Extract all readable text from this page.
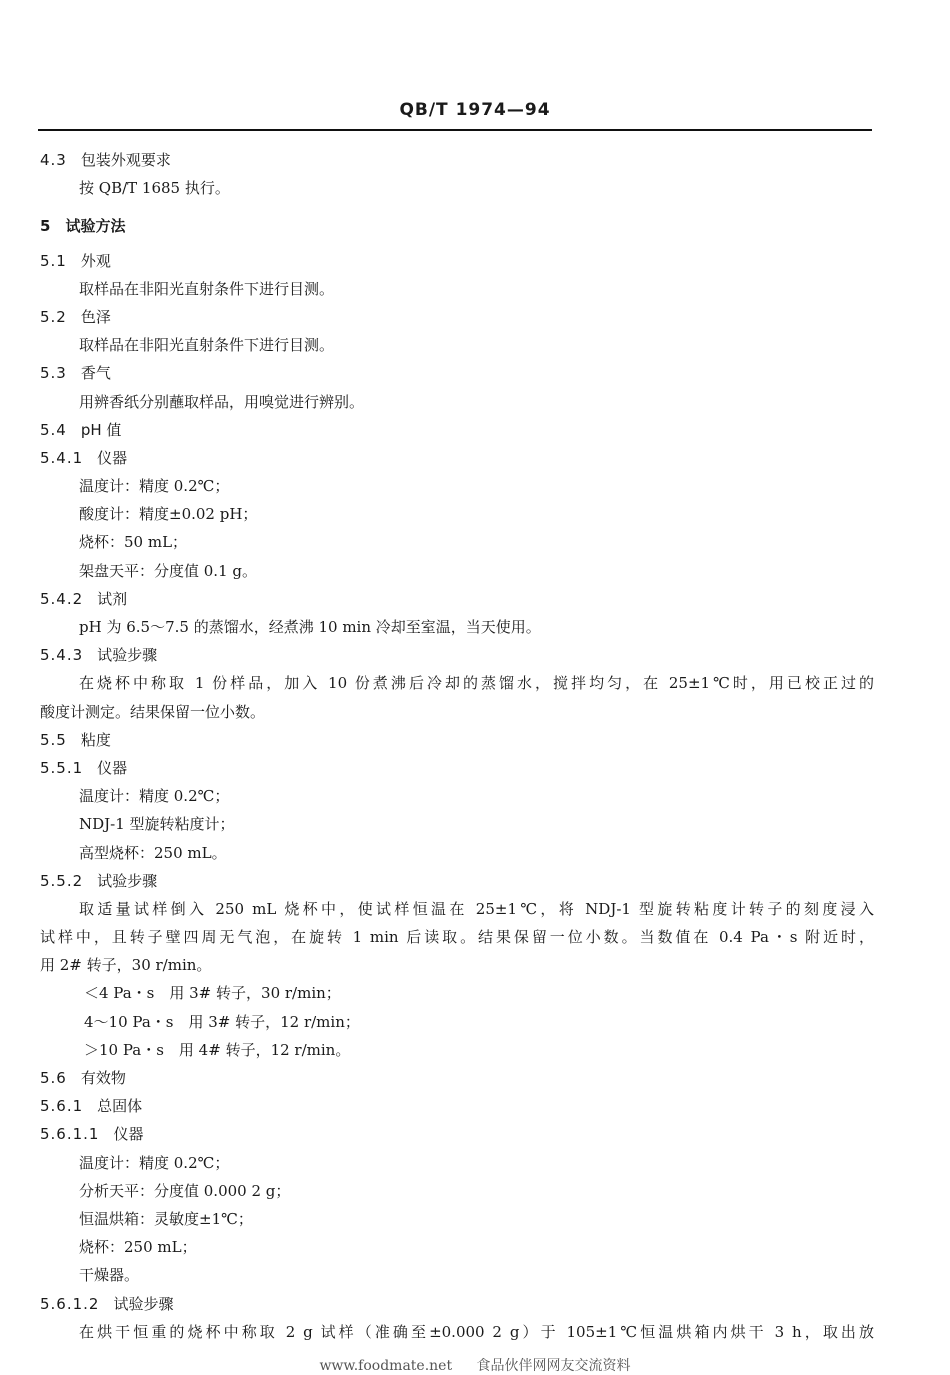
QB/T 1974—94
4.3 包装外观要求
按 QB/T 1685 执行。
5 试验方法
5.1 外观
取样品在非阳光直射条件下进行目测。
5.2 色泽
取样品在非阳光直射条件下进行目测。
5.3 香气
用辨香纸分别蘸取样品，用嗅觉进行辨别。
5.4 pH 值
5.4.1 仪器
温度计：精度 0.2℃；
酸度计：精度±0.02 pH；
烧杯：50 mL；
架盘天平：分度值 0.1 g。
5.4.2 试剂
pH 为 6.5～7.5 的蒸馏水，经煮沸 10 min 冷却至室温，当天使用。
5.4.3 试验步骤
在烧杯中称取 1 份样品，加入 10 份煮沸后冷却的蒸馏水，搅拌均匀，在 25±1℃时，用已校正过的
酸度计测定。结果保留一位小数。
5.5 粘度
5.5.1 仪器
温度计：精度 0.2℃；
NDJ-1 型旋转粘度计；
高型烧杯：250 mL。
5.5.2 试验步骤
取适量试样倒入 250 mL 烧杯中，使试样恒温在 25±1℃，将 NDJ-1 型旋转粘度计转子的刻度浸入
试样中，且转子壁四周无气泡，在旋转 1 min 后读取。结果保留一位小数。当数值在 0.4 Pa・s 附近时，
用 2# 转子，30 r/min。
＜4 Pa・s　用 3# 转子，30 r/min；
4～10 Pa・s　用 3# 转子，12 r/min；
＞10 Pa・s　用 4# 转子，12 r/min。
5.6 有效物
5.6.1 总固体
5.6.1.1 仪器
温度计：精度 0.2℃；
分析天平：分度值 0.000 2 g；
恒温烘箱：灵敏度±1℃；
烧杯：250 mL；
干燥器。
5.6.1.2 试验步骤
在烘干恒重的烧杯中称取 2 g 试样（准确至±0.000 2 g）于 105±1℃恒温烘箱内烘干 3 h，取出放
www.foodmate.net 食品伙伴网网友交流资料
